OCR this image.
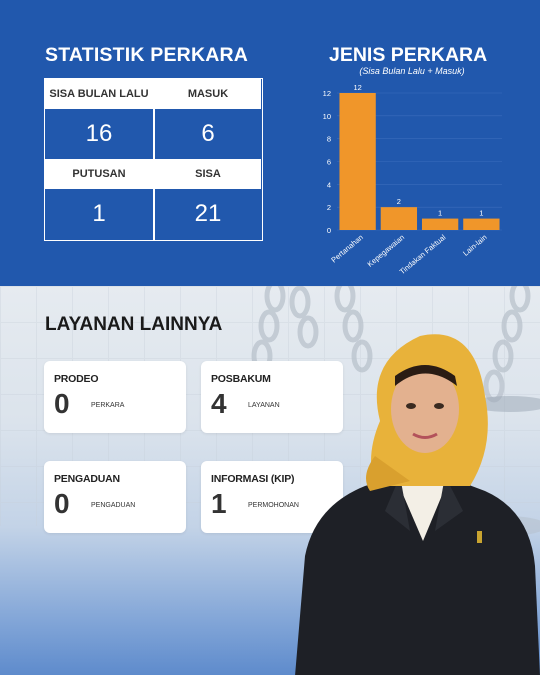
STATISTIK PERKARA
SISA BULAN LALU	MASUK
16	6
PUTUSAN	SISA
1	21
JENIS PERKARA
(Sisa Bulan Lalu + Masuk)
0
2
4
6
8
10
12
12
Pertanahan
2
Kepegawaian
1
Tindakan Faktual
1
Lain-lain
LAYANAN LAINNYA
PRODEO
0	PERKARA
POSBAKUM
4	LAYANAN
PENGADUAN
0	PENGADUAN
INFORMASI (KIP)
1	PERMOHONAN
